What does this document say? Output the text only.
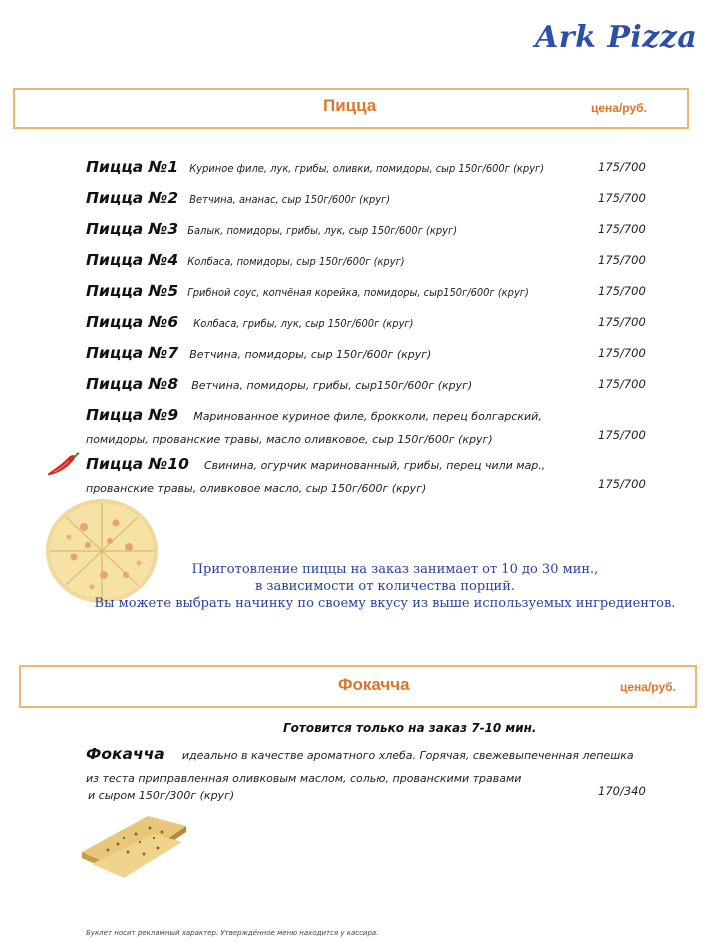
Ark Pizza
Пицца	цена/руб.
Пицца №1 Куриное филе, лук, грибы, оливки, помидоры, сыр 150г/600г (круг)	175/700
Пицца №2 Ветчина, ананас, сыр 150г/600г (круг)	175/700
Пицца №3 Балык, помидоры, грибы, лук, сыр 150г/600г (круг)	175/700
Пицца №4 Колбаса, помидоры, сыр 150г/600г (круг)	175/700
Пицца №5 Грибной соус, копчёная корейка, помидоры, сыр150г/600г (круг)	175/700
Пицца №6 Колбаса, грибы, лук, сыр 150г/600г (круг)	175/700
Пицца №7 Ветчина, помидоры, сыр 150г/600г (круг)	175/700
Пицца №8 Ветчина, помидоры, грибы, сыр150г/600г (круг)	175/700
Пицца №9 Маринованное куриное филе, брокколи, перец болгарский,
помидоры, прованские травы, масло оливковое, сыр 150г/600г (круг)	175/700
Пицца №10 Свинина, огурчик маринованный, грибы, перец чили мар.,
прованские травы, оливковое масло, сыр 150г/600г (круг)	175/700
Приготовление пиццы на заказ занимает от 10 до 30 мин.,
в зависимости от количества порций.
Вы можете выбрать начинку по своему вкусу из выше используемых ингредиентов.
Фокачча	цена/руб.
Готовится только на заказ 7-10 мин.
Фокачча идеально в качестве ароматного хлеба. Горячая, свежевыпеченная лепешка
из теста приправленная оливковым маслом, солью, прованскими травами
и сыром 150г/300г (круг)	170/340
Буклет носит рекламный характер. Утверждённое меню находится у кассира.
